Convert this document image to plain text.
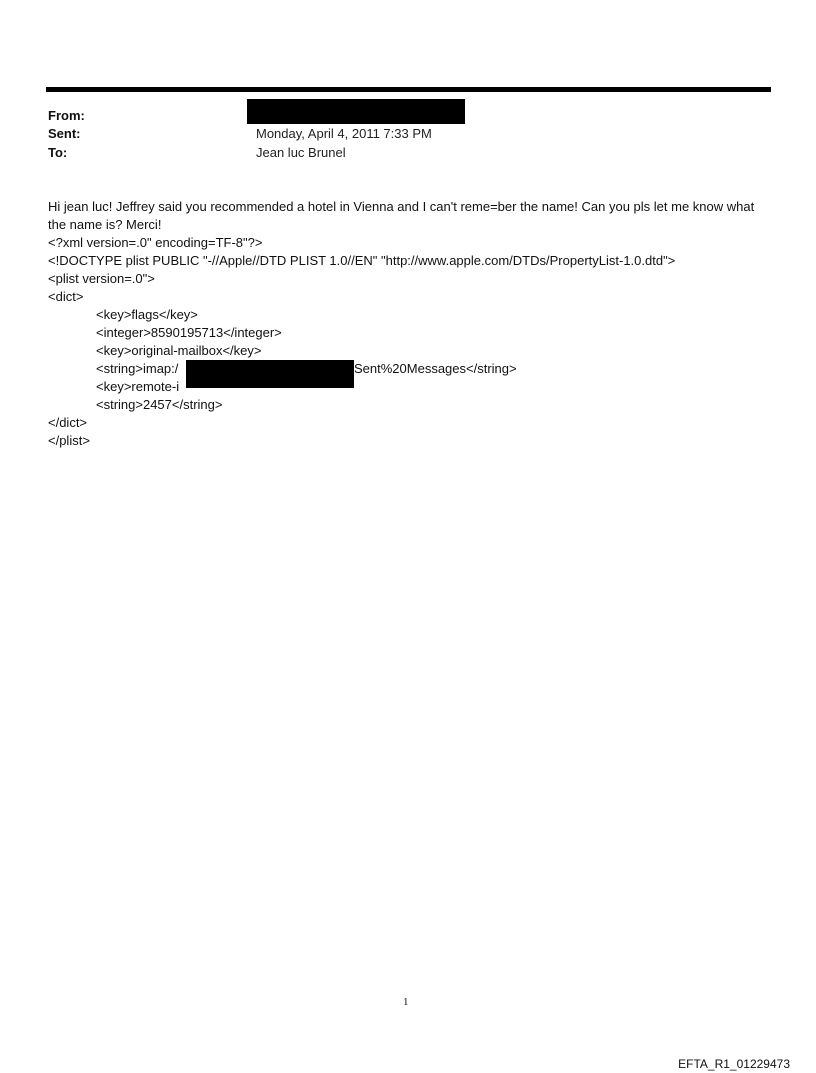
From:
Sent:	Monday, April 4, 2011 7:33 PM
To:	Jean luc Brunel
Hi jean luc! Jeffrey said you recommended a hotel in Vienna and I can't reme=ber the name! Can you pls let me know what the name is? Merci!
<?xml version=.0" encoding=TF-8"?>
<!DOCTYPE plist PUBLIC "-//Apple//DTD PLIST 1.0//EN" "http://www.apple.com/DTDs/PropertyList-1.0.dtd">
<plist version=.0">
<dict>
<key>flags</key>
<integer>8590195713</integer>
<key>original-mailbox</key>
<string>imap:/	Sent%20Messages</string>
<key>remote-i
<string>2457</string>
</dict>
</plist>
1
EFTA_R1_01229473
